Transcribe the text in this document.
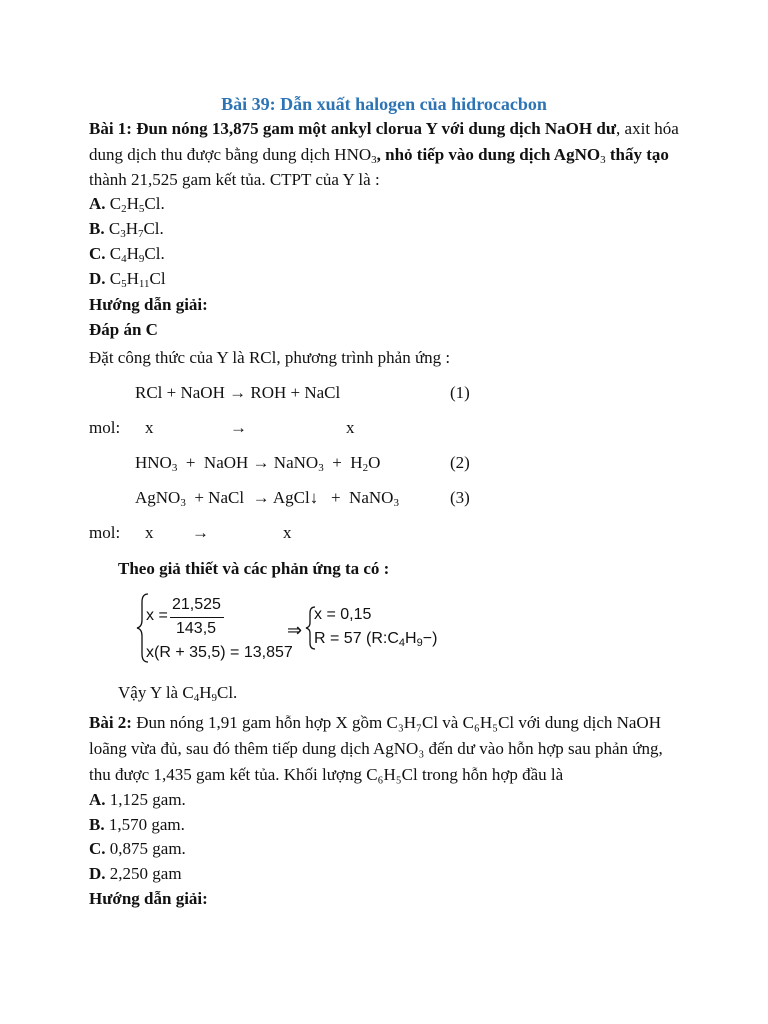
Bài 39: Dẫn xuất halogen của hidrocacbon
Bài 1: Đun nóng 13,875 gam một ankyl clorua Y với dung dịch NaOH dư, axit hóa
dung dịch thu được bằng dung dịch $HNO_3$, nhỏ tiếp vào dung dịch AgNO$_3$ thấy tạo
thành 21,525 gam kết tủa. CTPT của Y là :
A. $C_2H_5Cl$.
B. $C_3H_7Cl$.
C. $C_4H_9Cl$.
D. $C_5H_{11}Cl$
Hướng dẫn giải:
Đáp án C
Đặt công thức của Y là RCl, phương trình phản ứng :
RCl + NaOH → ROH + NaCl	(1)
mol: x	→	x
$HNO_3$  +  NaOH → NaNO$_3$  +  $H_2O$	(2)
AgNO$_3$  + NaCl  → AgCl↓   +  NaNO$_3$	(3)
mol: x →	x
Theo giả thiết và các phản ứng ta có :
x =
21,525
143,5
x(R + 35,5) = 13,857
⇒
x = 0,15
R = 57 $(R:C_4H_9-)$
Vậy Y là $C_4H_9Cl$.
Bài 2: Đun nóng 1,91 gam hỗn hợp X gồm C₃H₇Cl và C₆H₅Cl với dung dịch NaOH
loãng vừa đủ, sau đó thêm tiếp dung dịch AgNO₃ đến dư vào hỗn hợp sau phản ứng,
thu được 1,435 gam kết tủa. Khối lượng C₆H₅Cl trong hỗn hợp đầu là
A. 1,125 gam.
B. 1,570 gam.
C. 0,875 gam.
D. 2,250 gam
Hướng dẫn giải:
